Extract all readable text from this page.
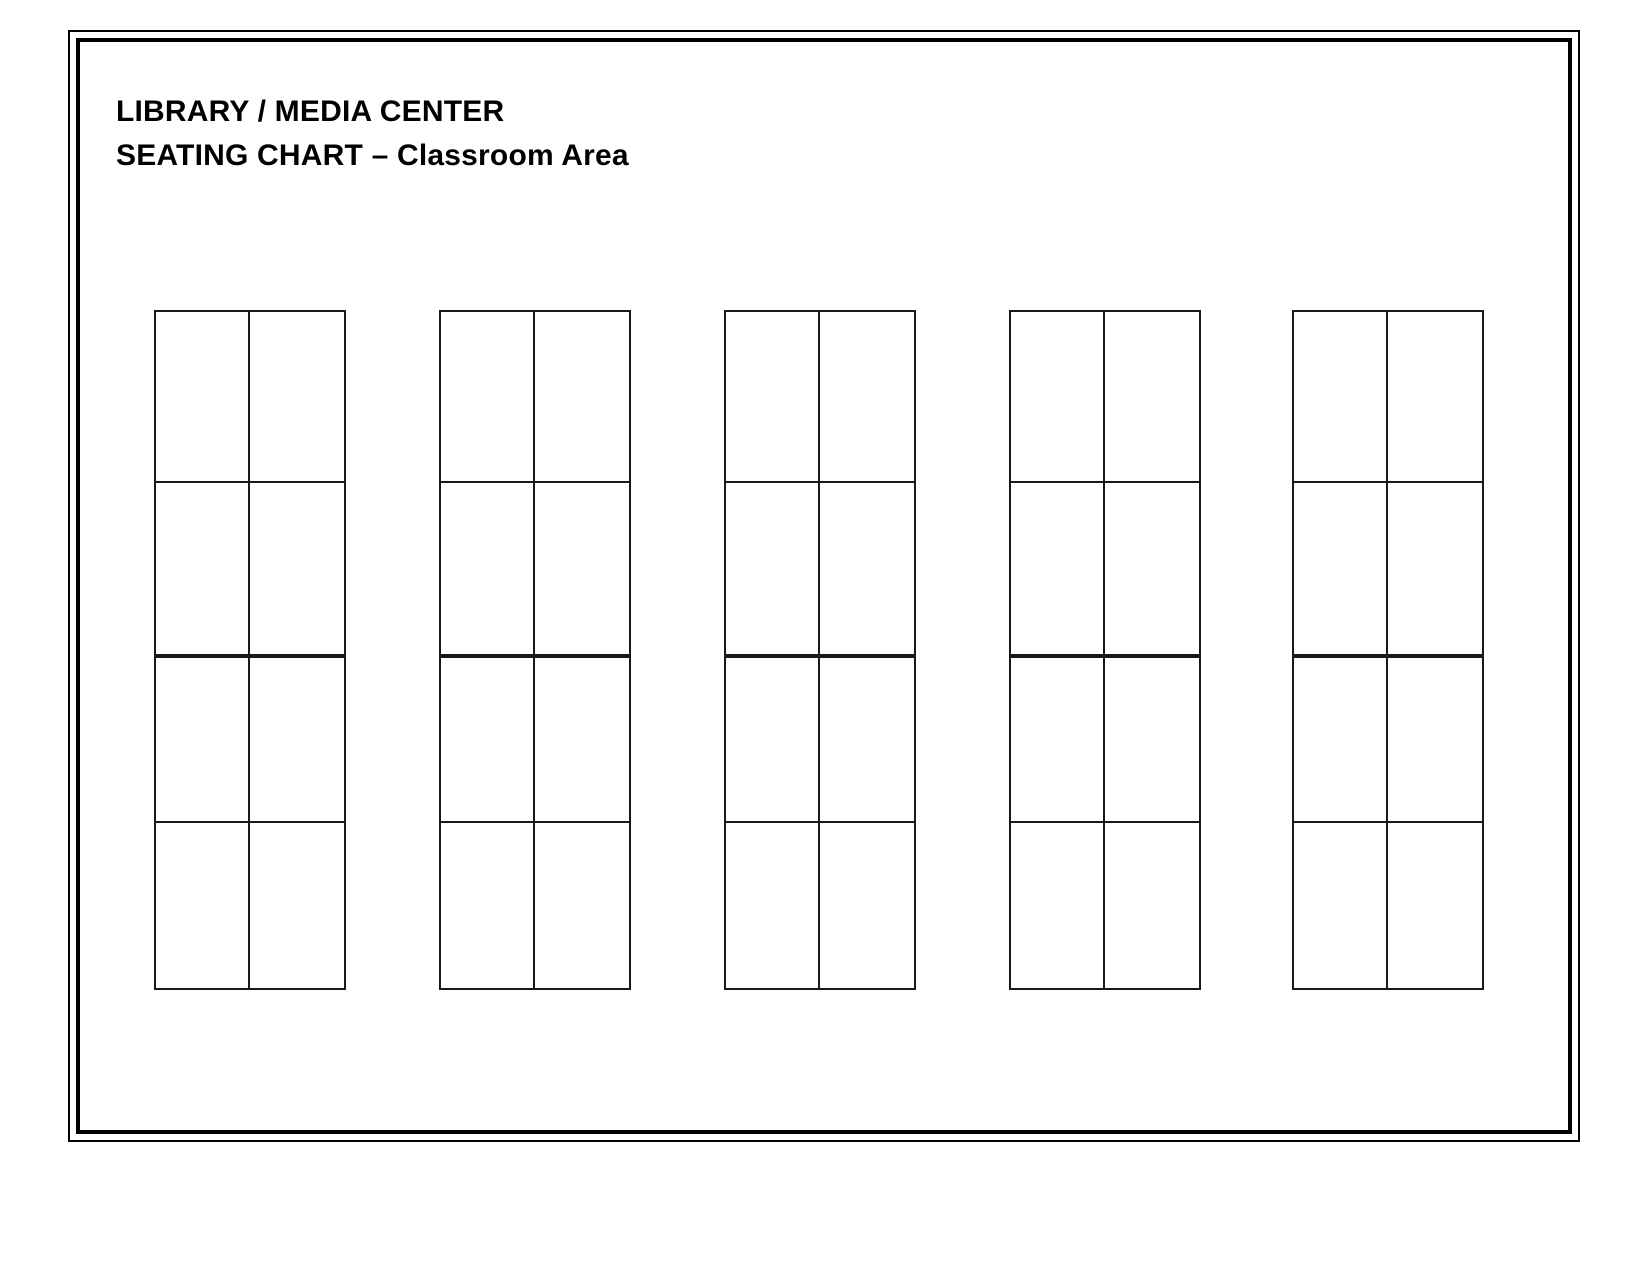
LIBRARY / MEDIA CENTER
SEATING CHART – Classroom Area
